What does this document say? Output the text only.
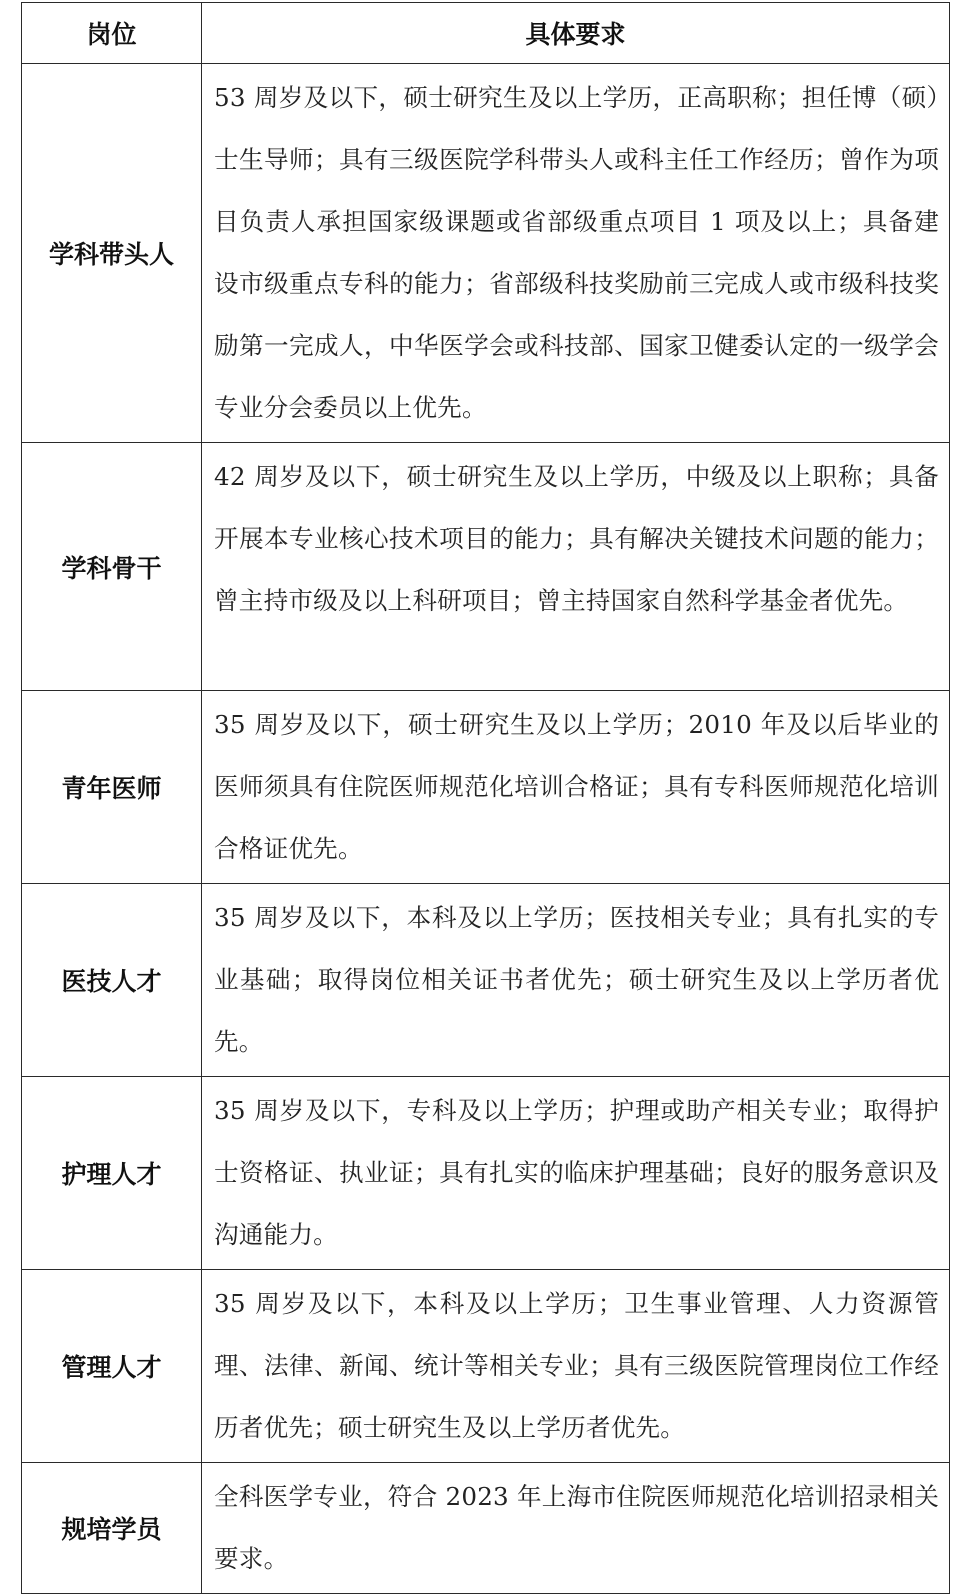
岗位	具体要求
学科带头人	53 周岁及以下，硕士研究生及以上学历，正高职称；担任博（硕）士生导师；具有三级医院学科带头人或科主任工作经历；曾作为项目负责人承担国家级课题或省部级重点项目 1 项及以上；具备建设市级重点专科的能力；省部级科技奖励前三完成人或市级科技奖励第一完成人，中华医学会或科技部、国家卫健委认定的一级学会专业分会委员以上优先。
学科骨干	42 周岁及以下，硕士研究生及以上学历，中级及以上职称；具备开展本专业核心技术项目的能力；具有解决关键技术问题的能力；曾主持市级及以上科研项目；曾主持国家自然科学基金者优先。
青年医师	35 周岁及以下，硕士研究生及以上学历；2010 年及以后毕业的医师须具有住院医师规范化培训合格证；具有专科医师规范化培训合格证优先。
医技人才	35 周岁及以下，本科及以上学历；医技相关专业；具有扎实的专业基础；取得岗位相关证书者优先；硕士研究生及以上学历者优先。
护理人才	35 周岁及以下，专科及以上学历；护理或助产相关专业；取得护士资格证、执业证；具有扎实的临床护理基础；良好的服务意识及沟通能力。
管理人才	35 周岁及以下，本科及以上学历；卫生事业管理、人力资源管理、法律、新闻、统计等相关专业；具有三级医院管理岗位工作经历者优先；硕士研究生及以上学历者优先。
规培学员	全科医学专业，符合 2023 年上海市住院医师规范化培训招录相关要求。
